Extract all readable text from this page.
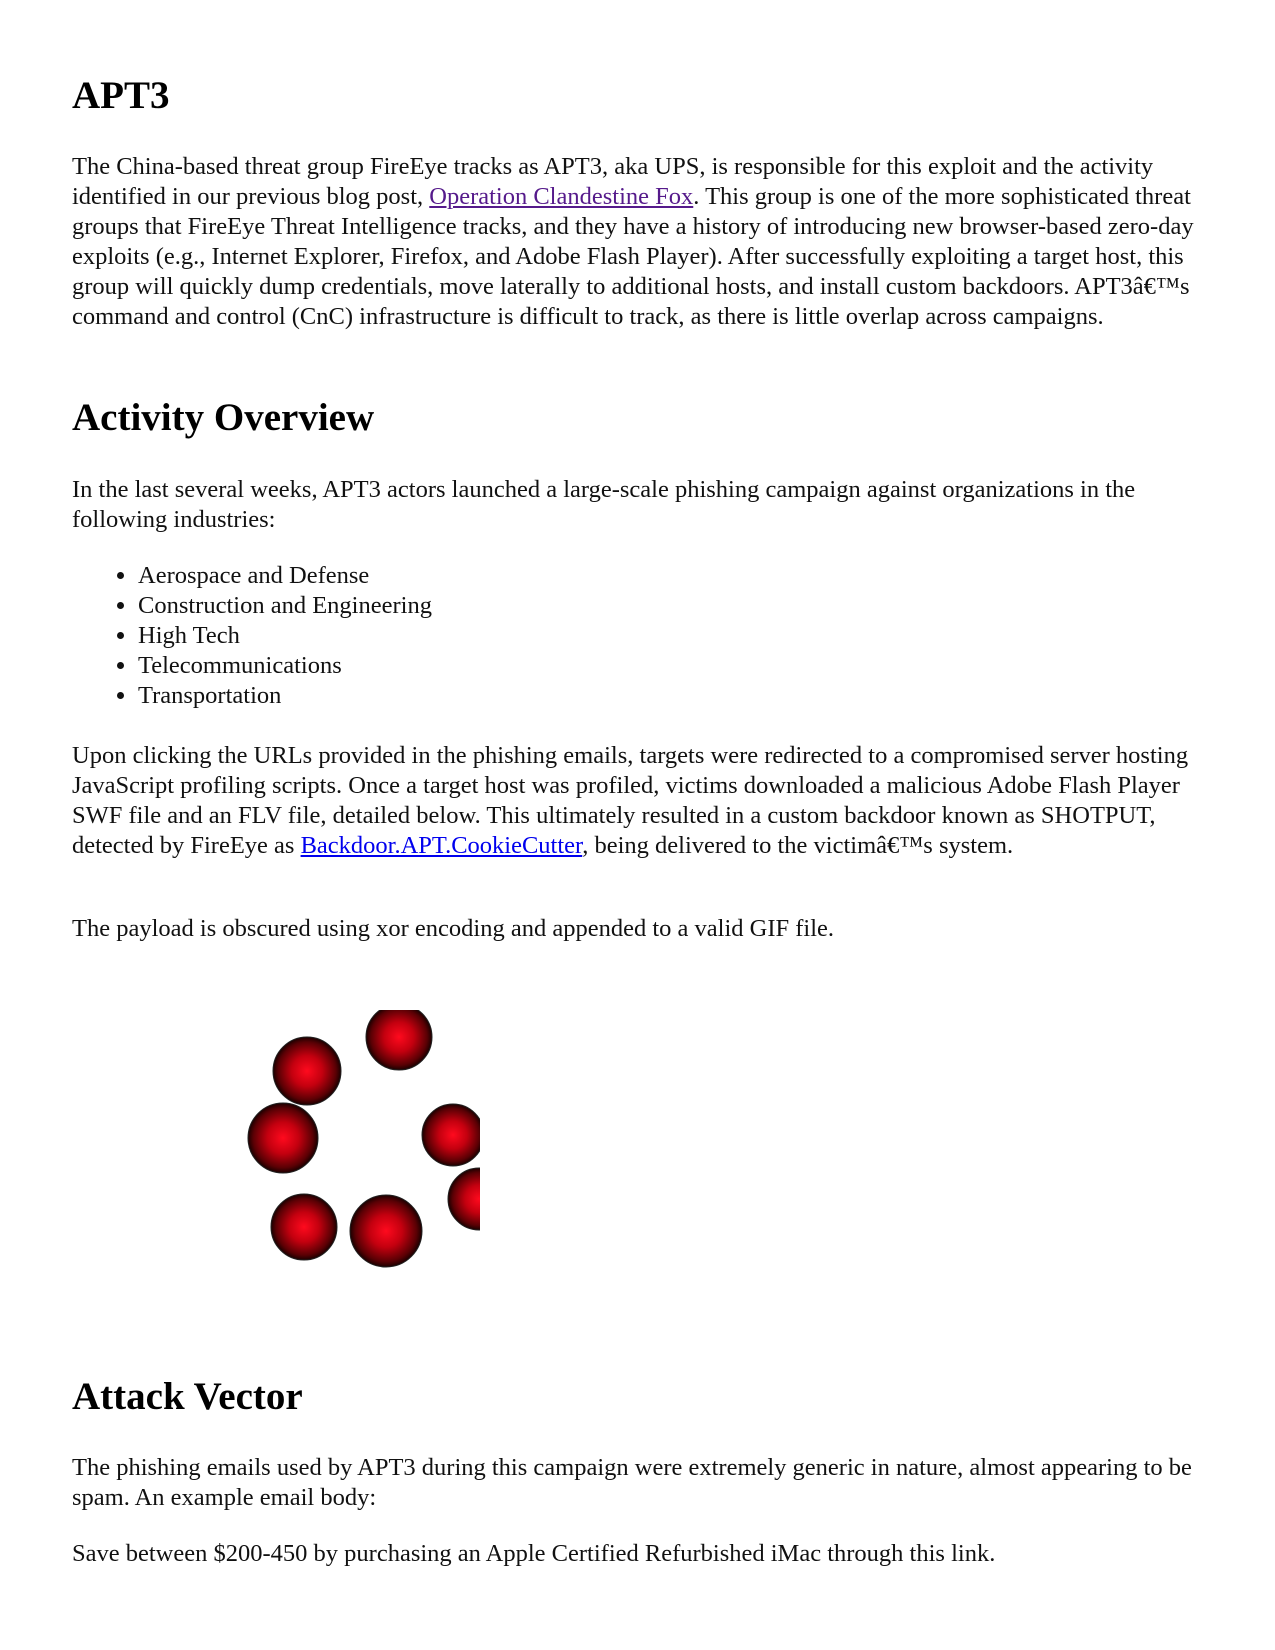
APT3

The China-based threat group FireEye tracks as APT3, aka UPS, is responsible for this exploit and the activity identified in our previous blog post, Operation Clandestine Fox. This group is one of the more sophisticated threat groups that FireEye Threat Intelligence tracks, and they have a history of introducing new browser-based zero-day exploits (e.g., Internet Explorer, Firefox, and Adobe Flash Player). After successfully exploiting a target host, this group will quickly dump credentials, move laterally to additional hosts, and install custom backdoors. APT3â€™s command and control (CnC) infrastructure is difficult to track, as there is little overlap across campaigns.

Activity Overview

In the last several weeks, APT3 actors launched a large-scale phishing campaign against organizations in the following industries:

• Aerospace and Defense
• Construction and Engineering
• High Tech
• Telecommunications
• Transportation

Upon clicking the URLs provided in the phishing emails, targets were redirected to a compromised server hosting JavaScript profiling scripts. Once a target host was profiled, victims downloaded a malicious Adobe Flash Player SWF file and an FLV file, detailed below. This ultimately resulted in a custom backdoor known as SHOTPUT, detected by FireEye as Backdoor.APT.CookieCutter, being delivered to the victimâ€™s system.

The payload is obscured using xor encoding and appended to a valid GIF file.

Attack Vector

The phishing emails used by APT3 during this campaign were extremely generic in nature, almost appearing to be spam. An example email body:

Save between $200-450 by purchasing an Apple Certified Refurbished iMac through this link.
